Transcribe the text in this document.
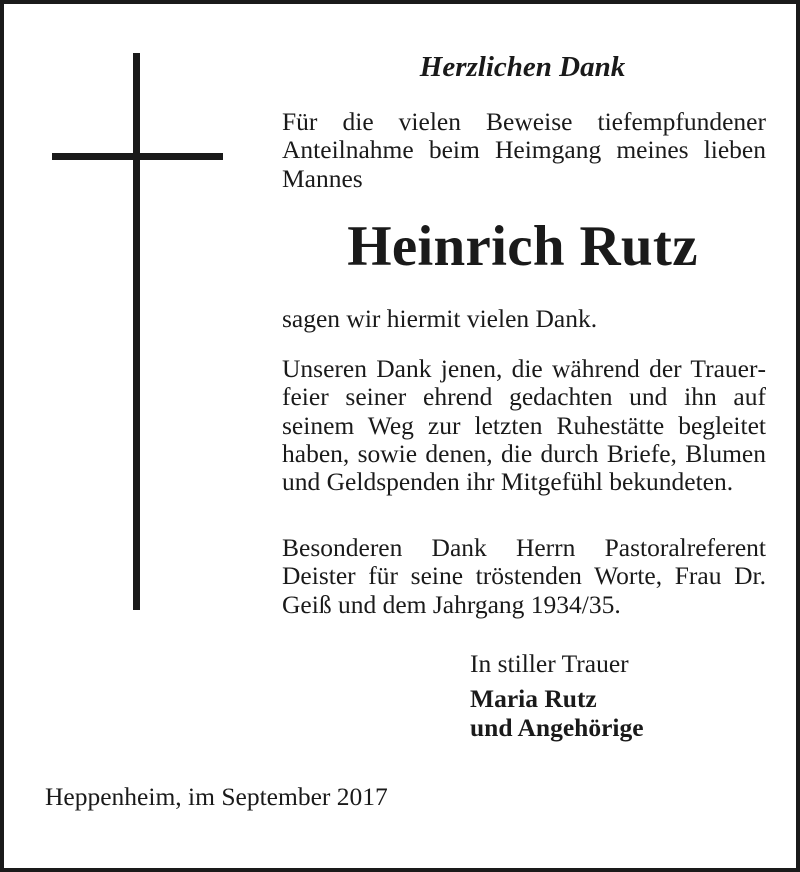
Herzlichen Dank
Für die vielen Beweise tiefempfundener Anteilnahme beim Heimgang meines lieben Mannes
Heinrich Rutz
sagen wir hiermit vielen Dank.
Unseren Dank jenen, die während der Trauerfeier seiner ehrend gedachten und ihn auf seinem Weg zur letzten Ruhestätte begleitet haben, sowie denen, die durch Briefe, Blumen und Geldspenden ihr Mitgefühl bekundeten.
Besonderen Dank Herrn Pastoralreferent Deister für seine tröstenden Worte, Frau Dr. Geiß und dem Jahrgang 1934/35.
In stiller Trauer
Maria Rutz
und Angehörige
Heppenheim, im September 2017
